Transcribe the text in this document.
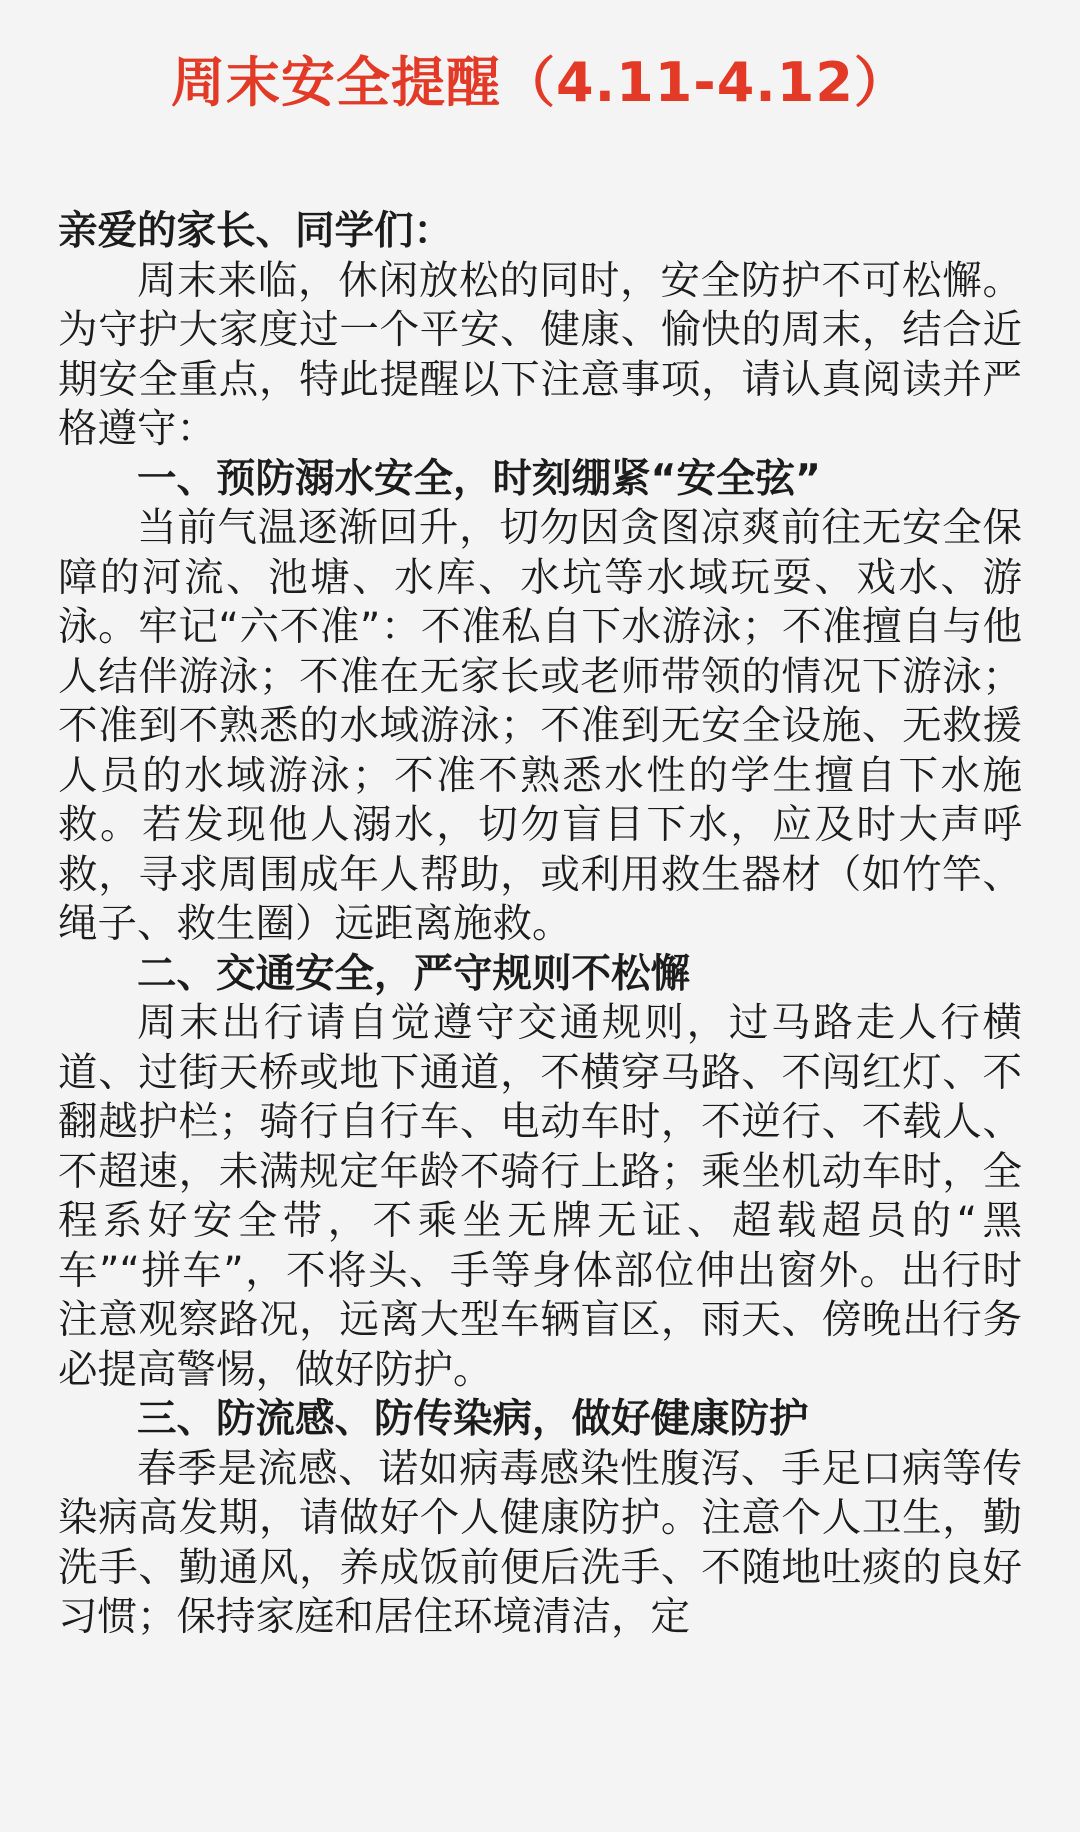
周末安全提醒（4.11-4.12）

亲爱的家长、同学们：

周末来临，休闲放松的同时，安全防护不可松懈。为守护大家度过一个平安、健康、愉快的周末，结合近期安全重点，特此提醒以下注意事项，请认真阅读并严格遵守：

一、预防溺水安全，时刻绷紧“安全弦”

当前气温逐渐回升，切勿因贪图凉爽前往无安全保障的河流、池塘、水库、水坑等水域玩耍、戏水、游泳。牢记“六不准”：不准私自下水游泳；不准擅自与他人结伴游泳；不准在无家长或老师带领的情况下游泳；不准到不熟悉的水域游泳；不准到无安全设施、无救援人员的水域游泳；不准不熟悉水性的学生擅自下水施救。若发现他人溺水，切勿盲目下水，应及时大声呼救，寻求周围成年人帮助，或利用救生器材（如竹竿、绳子、救生圈）远距离施救。

二、交通安全，严守规则不松懈

周末出行请自觉遵守交通规则，过马路走人行横道、过街天桥或地下通道，不横穿马路、不闯红灯、不翻越护栏；骑行自行车、电动车时，不逆行、不载人、不超速，未满规定年龄不骑行上路；乘坐机动车时，全程系好安全带，不乘坐无牌无证、超载超员的“黑车”“拼车”，不将头、手等身体部位伸出窗外。出行时注意观察路况，远离大型车辆盲区，雨天、傍晚出行务必提高警惕，做好防护。

三、防流感、防传染病，做好健康防护

春季是流感、诺如病毒感染性腹泻、手足口病等传染病高发期，请做好个人健康防护。注意个人卫生，勤洗手、勤通风，养成饭前便后洗手、不随地吐痰的良好习惯；保持家庭和居住环境清洁，定
